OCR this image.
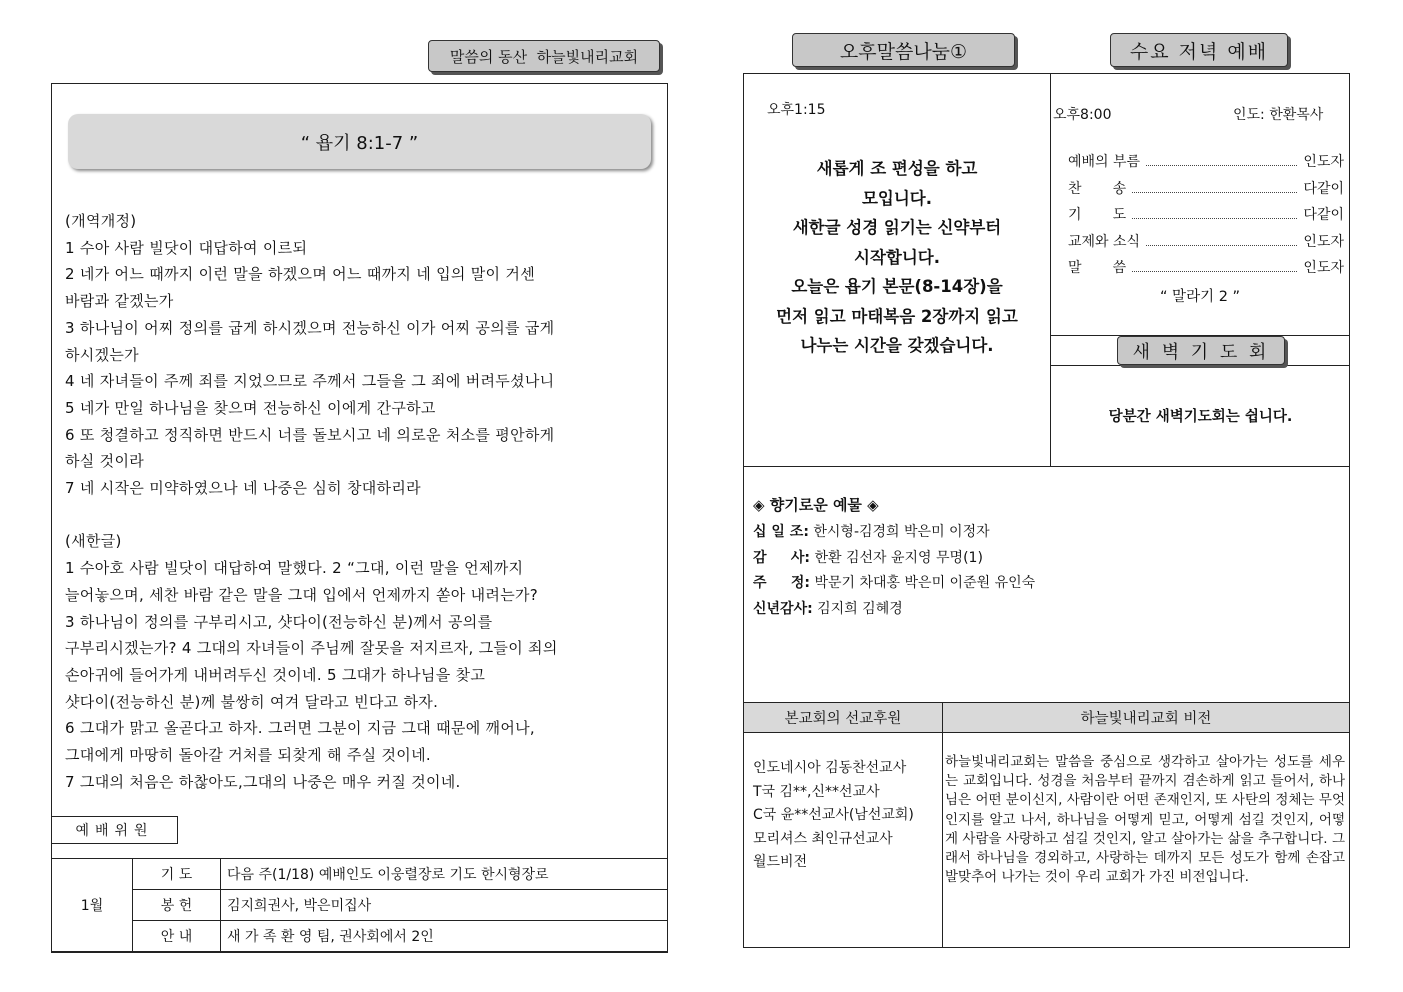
말씀의 동산  하늘빛내리교회
“ 욥기 8:1-7 ”
(개역개정)
1 수아 사람 빌닷이 대답하여 이르되
2 네가 어느 때까지 이런 말을 하겠으며 어느 때까지 네 입의 말이 거센
바람과 같겠는가
3 하나님이 어찌 정의를 굽게 하시겠으며 전능하신 이가 어찌 공의를 굽게
하시겠는가
4 네 자녀들이 주께 죄를 지었으므로 주께서 그들을 그 죄에 버려두셨나니
5 네가 만일 하나님을 찾으며 전능하신 이에게 간구하고
6 또 청결하고 정직하면 반드시 너를 돌보시고 네 의로운 처소를 평안하게
하실 것이라
7 네 시작은 미약하였으나 네 나중은 심히 창대하리라
(새한글)
1 수아호 사람 빌닷이 대답하여 말했다. 2 “그대, 이런 말을 언제까지
늘어놓으며, 세찬 바람 같은 말을 그대 입에서 언제까지 쏟아 내려는가?
3 하나님이 정의를 구부리시고, 샷다이(전능하신 분)께서 공의를
구부리시겠는가? 4 그대의 자녀들이 주님께 잘못을 저지르자, 그들이 죄의
손아귀에 들어가게 내버려두신 것이네. 5 그대가 하나님을 찾고
샷다이(전능하신 분)께 불쌍히 여겨 달라고 빈다고 하자.
6 그대가 맑고 올곧다고 하자. 그러면 그분이 지금 그대 때문에 깨어나,
그대에게 마땅히 돌아갈 거처를 되찾게 해 주실 것이네.
7 그대의 처음은 하찮아도,그대의 나중은 매우 커질 것이네.
예배위원
1월	기 도	다음 주(1/18) 예배인도 이웅렬장로 기도 한시형장로
	봉 헌	김지희권사, 박은미집사
	안 내	새 가 족 환 영 팀, 권사회에서 2인
오후말씀나눔①	수요 저녁 예배
오후1:15
새롭게 조 편성을 하고
모입니다.
새한글 성경 읽기는 신약부터
시작합니다.
오늘은 욥기 본문(8-14장)을
먼저 읽고 마태복음 2장까지 읽고
나누는 시간을 갖겠습니다.
오후8:00	인도: 한환목사
예배의 부름	인도자
찬       송	다같이
기       도	다같이
교제와 소식	인도자
말       씀	인도자
“ 말라기 2 ”
새 벽 기 도 회
당분간 새벽기도회는 쉽니다.
◈ 향기로운 예물 ◈
십 일 조: 한시형-김경희 박은미 이정자
감     사: 한환 김선자 윤지영 무명(1)
주     정: 박문기 차대홍 박은미 이준원 유인숙
신년감사: 김지희 김혜경
본교회의 선교후원	하늘빛내리교회 비전
인도네시아 김동찬선교사
T국 김**,신**선교사
C국 윤**선교사(남선교회)
모리셔스 최인규선교사
월드비전
하늘빛내리교회는 말씀을 중심으로 생각하고 살아가는 성도를 세우는 교회입니다. 성경을 처음부터 끝까지 겸손하게 읽고 들어서, 하나님은 어떤 분이신지, 사람이란 어떤 존재인지, 또 사탄의 정체는 무엇인지를 알고 나서, 하나님을 어떻게 믿고, 어떻게 섬길 것인지, 어떻게 사람을 사랑하고 섬길 것인지, 알고 살아가는 삶을 추구합니다. 그래서 하나님을 경외하고, 사랑하는 데까지 모든 성도가 함께 손잡고 발맞추어 나가는 것이 우리 교회가 가진 비전입니다.
